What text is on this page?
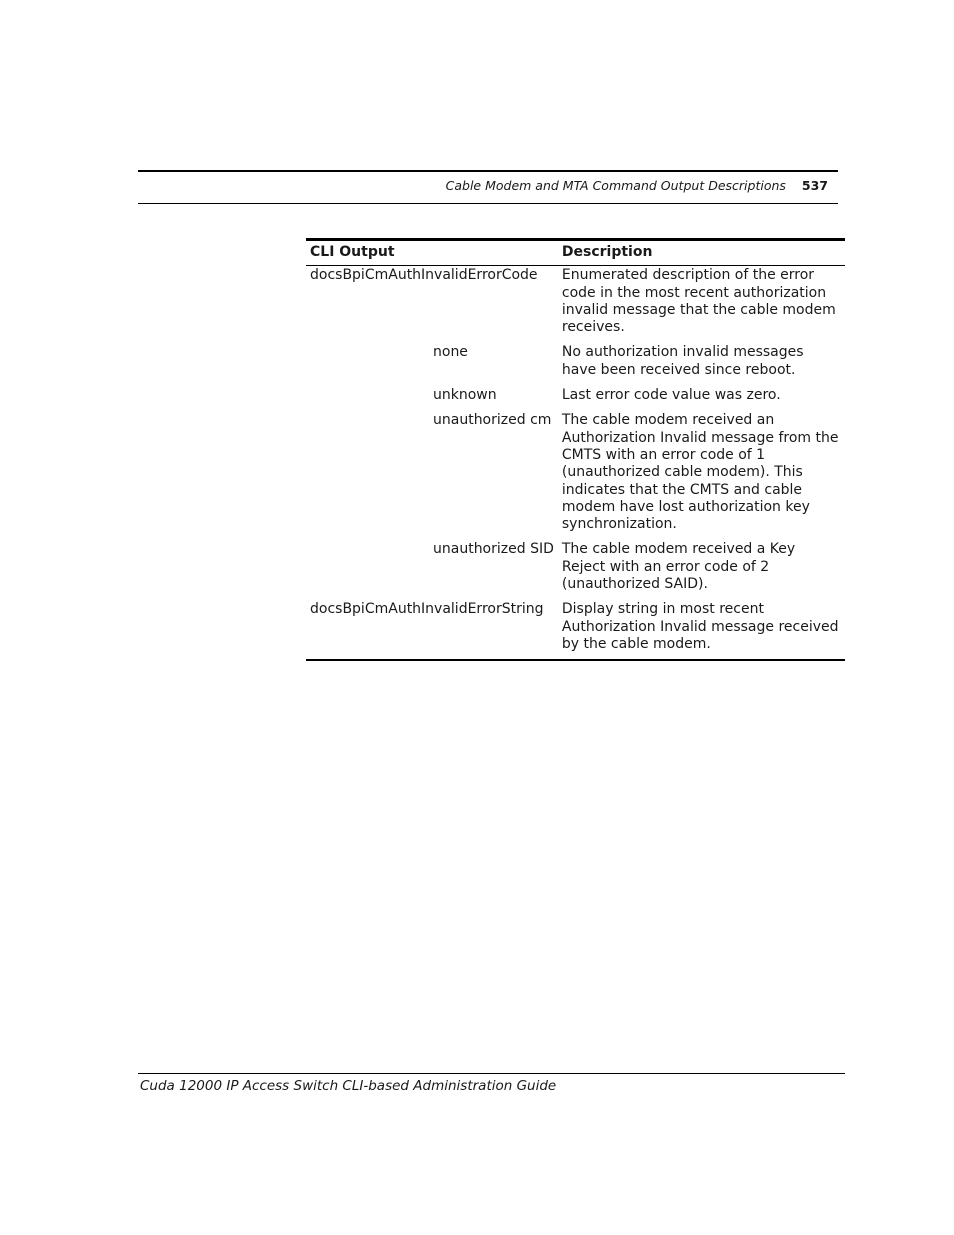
Cable Modem and MTA Command Output Descriptions 537
CLI Output	Description
docsBpiCmAuthInvalidErrorCode	Enumerated description of the error code in the most recent authorization invalid message that the cable modem receives.
none	No authorization invalid messages have been received since reboot.
unknown	Last error code value was zero.
unauthorized cm	The cable modem received an Authorization Invalid message from the CMTS with an error code of 1 (unauthorized cable modem). This indicates that the CMTS and cable modem have lost authorization key synchronization.
unauthorized SID	The cable modem received a Key Reject with an error code of 2 (unauthorized SAID).
docsBpiCmAuthInvalidErrorString	Display string in most recent Authorization Invalid message received by the cable modem.
Cuda 12000 IP Access Switch CLI-based Administration Guide
